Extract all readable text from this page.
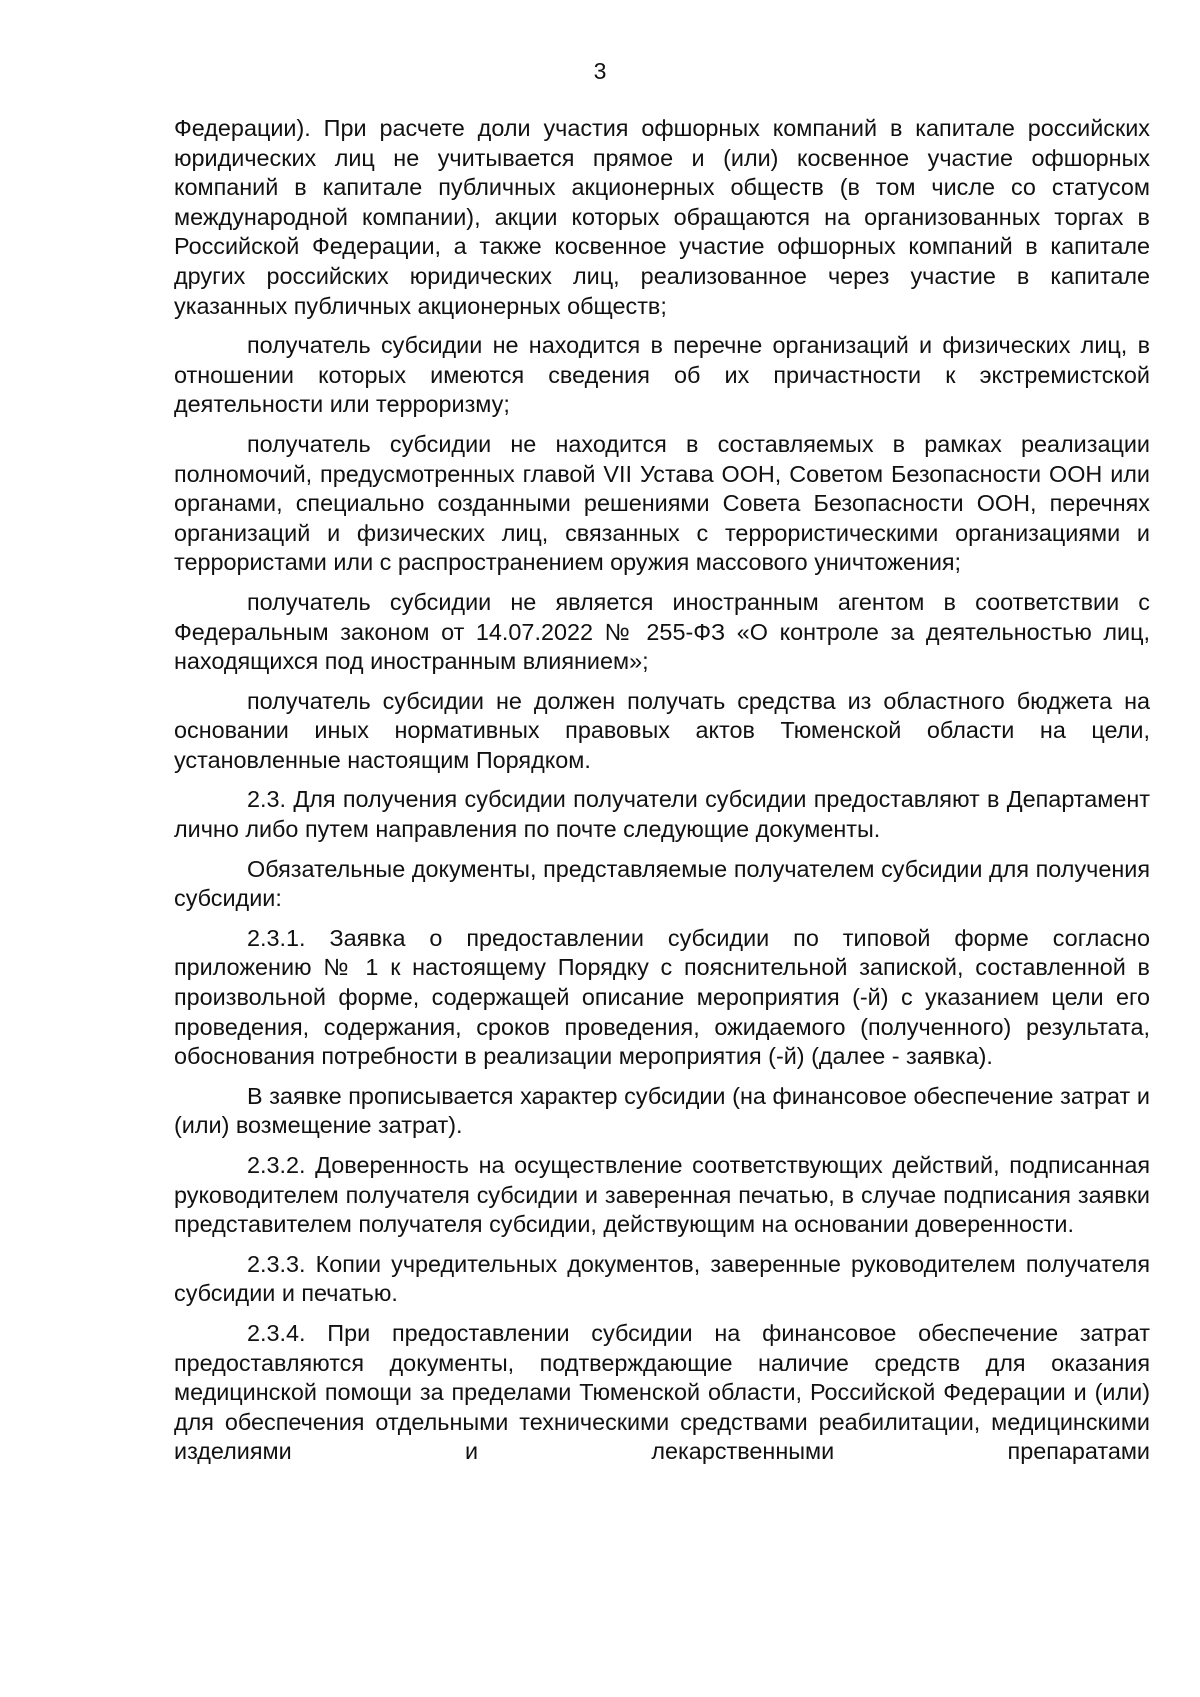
3

Федерации). При расчете доли участия офшорных компаний в капитале российских юридических лиц не учитывается прямое и (или) косвенное участие офшорных компаний в капитале публичных акционерных обществ (в том числе со статусом международной компании), акции которых обращаются на организованных торгах в Российской Федерации, а также косвенное участие офшорных компаний в капитале других российских юридических лиц, реализованное через участие в капитале указанных публичных акционерных обществ;

получатель субсидии не находится в перечне организаций и физических лиц, в отношении которых имеются сведения об их причастности к экстремистской деятельности или терроризму;

получатель субсидии не находится в составляемых в рамках реализации полномочий, предусмотренных главой VII Устава ООН, Советом Безопасности ООН или органами, специально созданными решениями Совета Безопасности ООН, перечнях организаций и физических лиц, связанных с террористическими организациями и террористами или с распространением оружия массового уничтожения;

получатель субсидии не является иностранным агентом в соответствии с Федеральным законом от 14.07.2022 № 255-ФЗ «О контроле за деятельностью лиц, находящихся под иностранным влиянием»;

получатель субсидии не должен получать средства из областного бюджета на основании иных нормативных правовых актов Тюменской области на цели, установленные настоящим Порядком.

2.3. Для получения субсидии получатели субсидии предоставляют в Департамент лично либо путем направления по почте следующие документы.

Обязательные документы, представляемые получателем субсидии для получения субсидии:

2.3.1. Заявка о предоставлении субсидии по типовой форме согласно приложению № 1 к настоящему Порядку с пояснительной запиской, составленной в произвольной форме, содержащей описание мероприятия (-й) с указанием цели его проведения, содержания, сроков проведения, ожидаемого (полученного) результата, обоснования потребности в реализации мероприятия (-й) (далее - заявка).

В заявке прописывается характер субсидии (на финансовое обеспечение затрат и (или) возмещение затрат).

2.3.2. Доверенность на осуществление соответствующих действий, подписанная руководителем получателя субсидии и заверенная печатью, в случае подписания заявки представителем получателя субсидии, действующим на основании доверенности.

2.3.3. Копии учредительных документов, заверенные руководителем получателя субсидии и печатью.

2.3.4. При предоставлении субсидии на финансовое обеспечение затрат предоставляются документы, подтверждающие наличие средств для оказания медицинской помощи за пределами Тюменской области, Российской Федерации и (или) для обеспечения отдельными техническими средствами реабилитации, медицинскими изделиями и лекарственными препаратами
